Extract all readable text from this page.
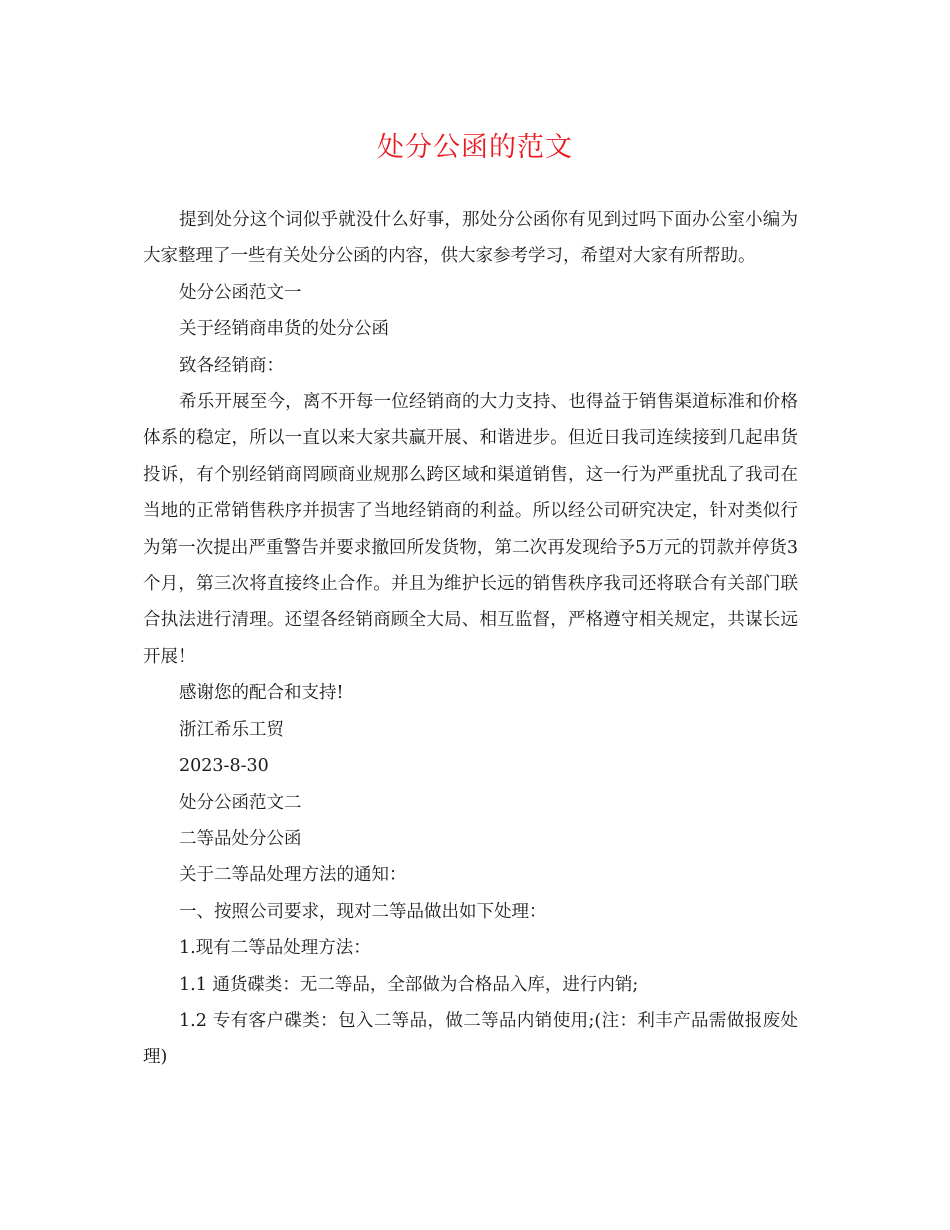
处分公函的范文

提到处分这个词似乎就没什么好事，那处分公函你有见到过吗下面办公室小编为大家整理了一些有关处分公函的内容，供大家参考学习，希望对大家有所帮助。

处分公函范文一

关于经销商串货的处分公函

致各经销商：

希乐开展至今，离不开每一位经销商的大力支持、也得益于销售渠道标准和价格体系的稳定，所以一直以来大家共赢开展、和谐进步。但近日我司连续接到几起串货投诉，有个别经销商罔顾商业规那么跨区域和渠道销售，这一行为严重扰乱了我司在当地的正常销售秩序并损害了当地经销商的利益。所以经公司研究决定，针对类似行为第一次提出严重警告并要求撤回所发货物，第二次再发现给予5万元的罚款并停货3个月，第三次将直接终止合作。并且为维护长远的销售秩序我司还将联合有关部门联合执法进行清理。还望各经销商顾全大局、相互监督，严格遵守相关规定，共谋长远开展！

感谢您的配合和支持!

浙江希乐工贸

2023-8-30

处分公函范文二

二等品处分公函

关于二等品处理方法的通知：

一、按照公司要求，现对二等品做出如下处理：

1.现有二等品处理方法：

1.1 通货碟类：无二等品，全部做为合格品入库，进行内销;

1.2 专有客户碟类：包入二等品，做二等品内销使用;(注：利丰产品需做报废处理)
